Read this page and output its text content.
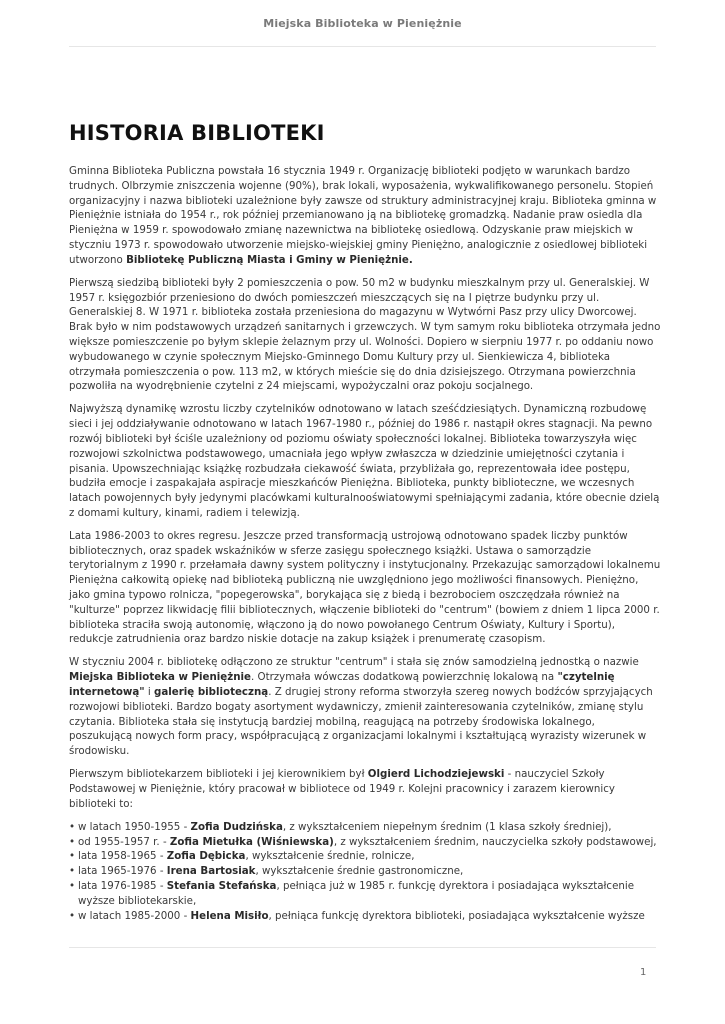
Miejska Biblioteka w Pieniężnie
HISTORIA BIBLIOTEKI

Gminna Biblioteka Publiczna powstała 16 stycznia 1949 r. Organizację biblioteki podjęto w warunkach bardzo trudnych. Olbrzymie zniszczenia wojenne (90%), brak lokali, wyposażenia, wykwalifikowanego personelu. Stopień organizacyjny i nazwa biblioteki uzależnione były zawsze od struktury administracyjnej kraju. Biblioteka gminna w Pieniężnie istniała do 1954 r., rok później przemianowano ją na bibliotekę gromadzką. Nadanie praw osiedla dla Pieniężna w 1959 r. spowodowało zmianę nazewnictwa na bibliotekę osiedlową. Odzyskanie praw miejskich w styczniu 1973 r. spowodowało utworzenie miejsko-wiejskiej gminy Pieniężno, analogicznie z osiedlowej biblioteki utworzono Bibliotekę Publiczną Miasta i Gminy w Pieniężnie.

Pierwszą siedzibą biblioteki były 2 pomieszczenia o pow. 50 m2 w budynku mieszkalnym przy ul. Generalskiej. W 1957 r. księgozbiór przeniesiono do dwóch pomieszczeń mieszczących się na I piętrze budynku przy ul. Generalskiej 8. W 1971 r. biblioteka została przeniesiona do magazynu w Wytwórni Pasz przy ulicy Dworcowej. Brak było w nim podstawowych urządzeń sanitarnych i grzewczych. W tym samym roku biblioteka otrzymała jedno większe pomieszczenie po byłym sklepie żelaznym przy ul. Wolności. Dopiero w sierpniu 1977 r. po oddaniu nowo wybudowanego w czynie społecznym Miejsko-Gminnego Domu Kultury przy ul. Sienkiewicza 4, biblioteka otrzymała pomieszczenia o pow. 113 m2, w których mieście się do dnia dzisiejszego. Otrzymana powierzchnia pozwoliła na wyodrębnienie czytelni z 24 miejscami, wypożyczalni oraz pokoju socjalnego.

Najwyższą dynamikę wzrostu liczby czytelników odnotowano w latach sześćdziesiątych. Dynamiczną rozbudowę sieci i jej oddziaływanie odnotowano w latach 1967-1980 r., później do 1986 r. nastąpił okres stagnacji. Na pewno rozwój biblioteki był ściśle uzależniony od poziomu oświaty społeczności lokalnej. Biblioteka towarzyszyła więc rozwojowi szkolnictwa podstawowego, umacniała jego wpływ zwłaszcza w dziedzinie umiejętności czytania i pisania. Upowszechniając książkę rozbudzała ciekawość świata, przybliżała go, reprezentowała idee postępu, budziła emocje i zaspakajała aspiracje mieszkańców Pieniężna. Biblioteka, punkty biblioteczne, we wczesnych latach powojennych były jedynymi placówkami kulturalnooświatowymi spełniającymi zadania, które obecnie dzielą z domami kultury, kinami, radiem i telewizją.

Lata 1986-2003 to okres regresu. Jeszcze przed transformacją ustrojową odnotowano spadek liczby punktów bibliotecznych, oraz spadek wskaźników w sferze zasięgu społecznego książki. Ustawa o samorządzie terytorialnym z 1990 r. przełamała dawny system polityczny i instytucjonalny. Przekazując samorządowi lokalnemu Pieniężna całkowitą opiekę nad biblioteką publiczną nie uwzględniono jego możliwości finansowych. Pieniężno, jako gmina typowo rolnicza, "popegerowska", borykająca się z biedą i bezrobociem oszczędzała również na "kulturze" poprzez likwidację filii bibliotecznych, włączenie biblioteki do "centrum" (bowiem z dniem 1 lipca 2000 r. biblioteka straciła swoją autonomię, włączono ją do nowo powołanego Centrum Oświaty, Kultury i Sportu), redukcje zatrudnienia oraz bardzo niskie dotacje na zakup książek i prenumeratę czasopism.

W styczniu 2004 r. bibliotekę odłączono ze struktur "centrum" i stała się znów samodzielną jednostką o nazwie Miejska Biblioteka w Pieniężnie. Otrzymała wówczas dodatkową powierzchnię lokalową na "czytelnię internetową" i galerię biblioteczną. Z drugiej strony reforma stworzyła szereg nowych bodźców sprzyjających rozwojowi biblioteki. Bardzo bogaty asortyment wydawniczy, zmienił zainteresowania czytelników, zmianę stylu czytania. Biblioteka stała się instytucją bardziej mobilną, reagującą na potrzeby środowiska lokalnego, poszukującą nowych form pracy, współpracującą z organizacjami lokalnymi i kształtującą wyrazisty wizerunek w środowisku.

Pierwszym bibliotekarzem biblioteki i jej kierownikiem był Olgierd Lichodziejewski - nauczyciel Szkoły Podstawowej w Pieniężnie, który pracował w bibliotece od 1949 r. Kolejni pracownicy i zarazem kierownicy biblioteki to:

• w latach 1950-1955 - Zofia Dudzińska, z wykształceniem niepełnym średnim (1 klasa szkoły średniej),
• od 1955-1957 r. - Zofia Mietułka (Wiśniewska), z wykształceniem średnim, nauczycielka szkoły podstawowej,
• lata 1958-1965 - Zofia Dębicka, wykształcenie średnie, rolnicze,
• lata 1965-1976 - Irena Bartosiak, wykształcenie średnie gastronomiczne,
• lata 1976-1985 - Stefania Stefańska, pełniąca już w 1985 r. funkcję dyrektora i posiadająca wykształcenie wyższe bibliotekarskie,
• w latach 1985-2000 - Helena Misiło, pełniąca funkcję dyrektora biblioteki, posiadająca wykształcenie wyższe
1
